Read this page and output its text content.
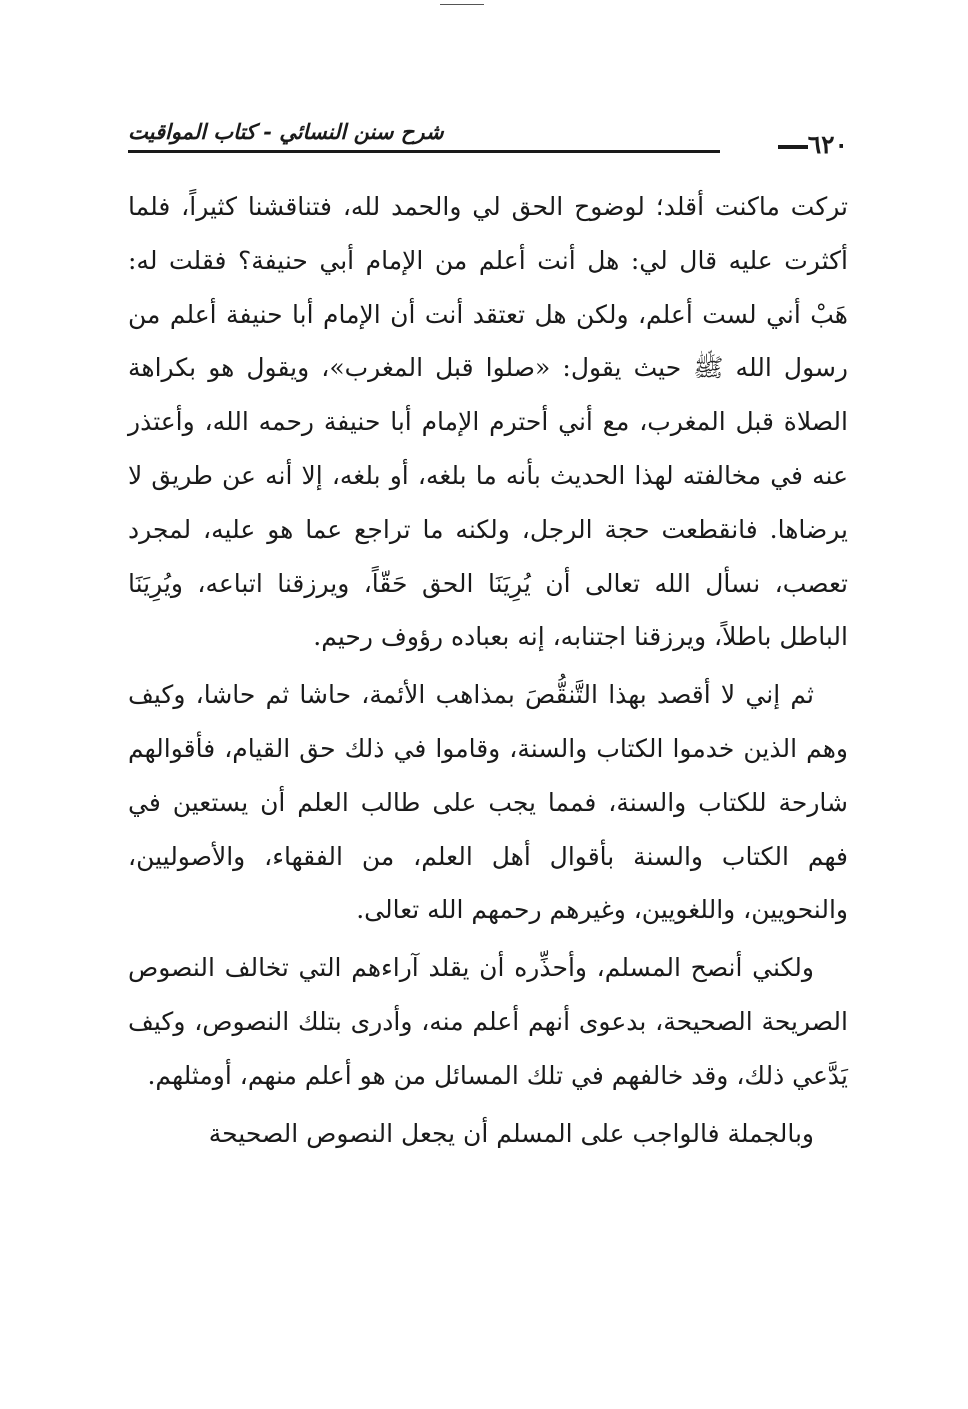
٦٢٠
شرح سنن النسائي - كتاب المواقيت

تركت ماكنت أقلد؛ لوضوح الحق لي والحمد لله، فتناقشنا كثيراً، فلما أكثرت عليه قال لي: هل أنت أعلم من الإمام أبي حنيفة؟ فقلت له: هَبْ أني لست أعلم، ولكن هل تعتقد أنت أن الإمام أبا حنيفة أعلم من رسول الله ﷺ حيث يقول: «صلوا قبل المغرب»، ويقول هو بكراهة الصلاة قبل المغرب، مع أني أحترم الإمام أبا حنيفة رحمه الله، وأعتذر عنه في مخالفته لهذا الحديث بأنه ما بلغه، أو بلغه، إلا أنه عن طريق لا يرضاها. فانقطعت حجة الرجل، ولكنه ما تراجع عما هو عليه، لمجرد تعصب، نسأل الله تعالى أن يُرِيَنَا الحق حَقّاً، ويرزقنا اتباعه، ويُرِيَنَا الباطل باطلاً، ويرزقنا اجتنابه، إنه بعباده رؤوف رحيم.

ثم إني لا أقصد بهذا التَّنقُّصَ بمذاهب الأئمة، حاشا ثم حاشا، وكيف وهم الذين خدموا الكتاب والسنة، وقاموا في ذلك حق القيام، فأقوالهم شارحة للكتاب والسنة، فمما يجب على طالب العلم أن يستعين في فهم الكتاب والسنة بأقوال أهل العلم، من الفقهاء، والأصوليين، والنحويين، واللغويين، وغيرهم رحمهم الله تعالى.

ولكني أنصح المسلم، وأحذِّره أن يقلد آراءهم التي تخالف النصوص الصريحة الصحيحة، بدعوى أنهم أعلم منه، وأدرى بتلك النصوص، وكيف يَدَّعي ذلك، وقد خالفهم في تلك المسائل من هو أعلم منهم، أومثلهم.

وبالجملة فالواجب على المسلم أن يجعل النصوص الصحيحة
